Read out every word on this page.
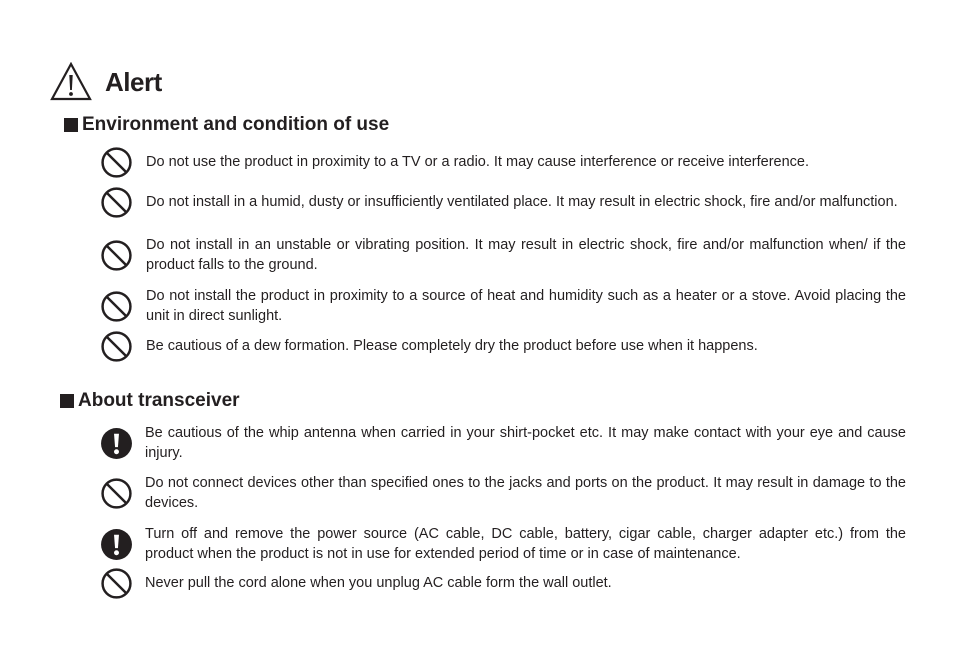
Alert
Environment and condition of use
Do not use the product in proximity to a TV or a radio. It may cause interference or receive interference.
Do not install in a humid, dusty or insufficiently ventilated place. It may result in electric shock, fire and/or malfunction.
Do not install in an unstable or vibrating position. It may result in electric shock, fire and/or malfunction when/ if the product falls to the ground.
Do not install the product in proximity to a source of heat and humidity such as a heater or a stove. Avoid placing the unit in direct sunlight.
Be cautious of a dew formation. Please completely dry the product before use when it happens.
About transceiver
Be cautious of the whip antenna when carried in your shirt-pocket etc. It may make contact with your eye and cause injury.
Do not connect devices other than specified ones to the jacks and ports on the product. It may result in damage to the devices.
Turn off and remove the power source (AC cable, DC cable, battery, cigar cable, charger adapter etc.) from the product when the product is not in use for extended period of time or in case of maintenance.
Never pull the cord alone when you unplug AC cable form the wall outlet.
